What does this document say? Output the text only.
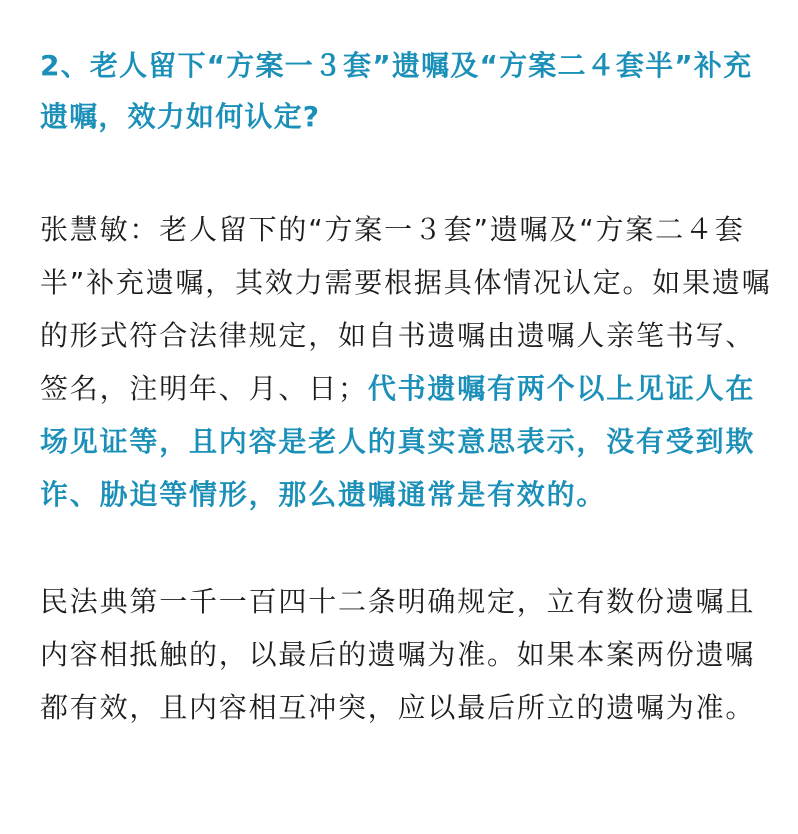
2、老人留下“方案一３套”遗嘱及“方案二４套半”补充遗嘱，效力如何认定?

张慧敏：老人留下的“方案一３套”遗嘱及“方案二４套半”补充遗嘱，其效力需要根据具体情况认定。如果遗嘱的形式符合法律规定，如自书遗嘱由遗嘱人亲笔书写、签名，注明年、月、日；代书遗嘱有两个以上见证人在场见证等，且内容是老人的真实意思表示，没有受到欺诈、胁迫等情形，那么遗嘱通常是有效的。

民法典第一千一百四十二条明确规定，立有数份遗嘱且内容相抵触的，以最后的遗嘱为准。如果本案两份遗嘱都有效，且内容相互冲突，应以最后所立的遗嘱为准。
